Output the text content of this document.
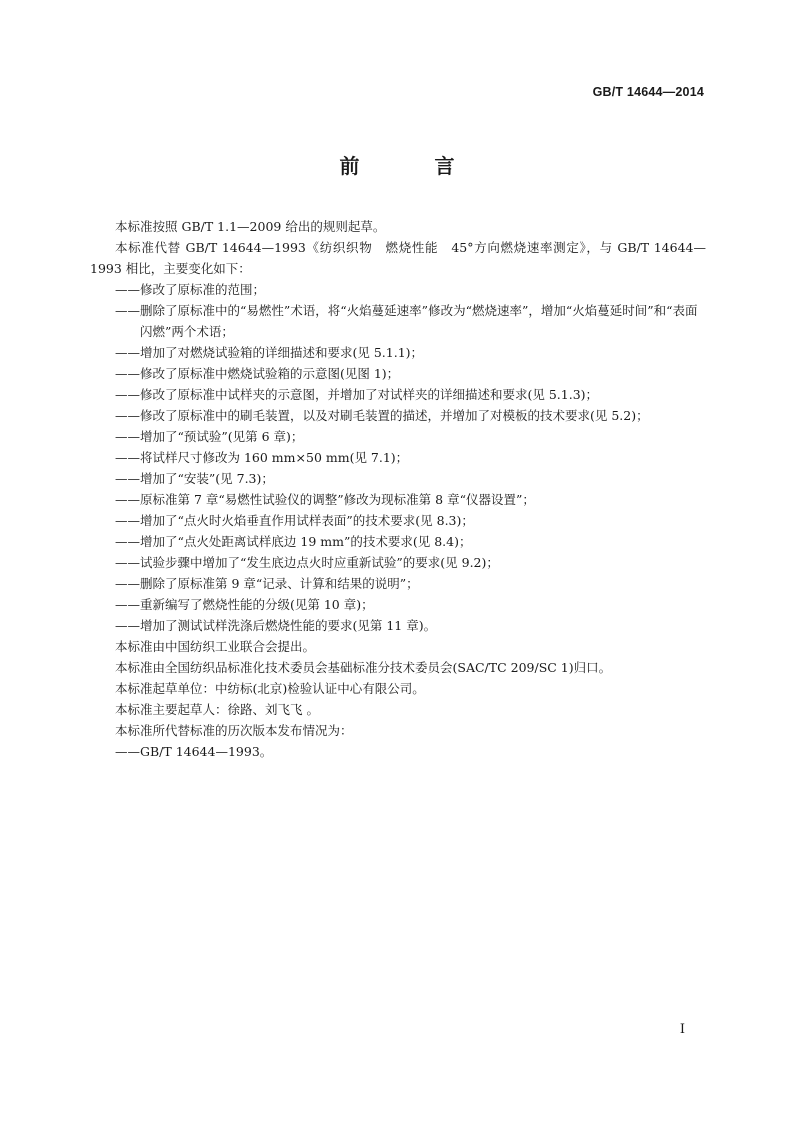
GB/T 14644—2014
前 言

本标准按照 GB/T 1.1—2009 给出的规则起草。

本标准代替 GB/T 14644—1993《纺织织物　燃烧性能　45°方向燃烧速率测定》，与 GB/T 14644—1993 相比，主要变化如下：

——修改了原标准的范围；

——删除了原标准中的“易燃性”术语，将“火焰蔓延速率”修改为“燃烧速率”，增加“火焰蔓延时间”和“表面闪燃”两个术语；

——增加了对燃烧试验箱的详细描述和要求(见 5.1.1)；

——修改了原标准中燃烧试验箱的示意图(见图 1)；

——修改了原标准中试样夹的示意图，并增加了对试样夹的详细描述和要求(见 5.1.3)；

——修改了原标准中的刷毛装置，以及对刷毛装置的描述，并增加了对模板的技术要求(见 5.2)；

——增加了“预试验”(见第 6 章)；

——将试样尺寸修改为 160 mm×50 mm(见 7.1)；

——增加了“安装”(见 7.3)；

——原标准第 7 章“易燃性试验仪的调整”修改为现标准第 8 章“仪器设置”；

——增加了“点火时火焰垂直作用试样表面”的技术要求(见 8.3)；

——增加了“点火处距离试样底边 19 mm”的技术要求(见 8.4)；

——试验步骤中增加了“发生底边点火时应重新试验”的要求(见 9.2)；

——删除了原标准第 9 章“记录、计算和结果的说明”；

——重新编写了燃烧性能的分级(见第 10 章)；

——增加了测试试样洗涤后燃烧性能的要求(见第 11 章)。

本标准由中国纺织工业联合会提出。

本标准由全国纺织品标准化技术委员会基础标准分技术委员会(SAC/TC 209/SC 1)归口。

本标准起草单位：中纺标(北京)检验认证中心有限公司。

本标准主要起草人：徐路、刘飞飞 。

本标准所代替标准的历次版本发布情况为：

——GB/T 14644—1993。

I
